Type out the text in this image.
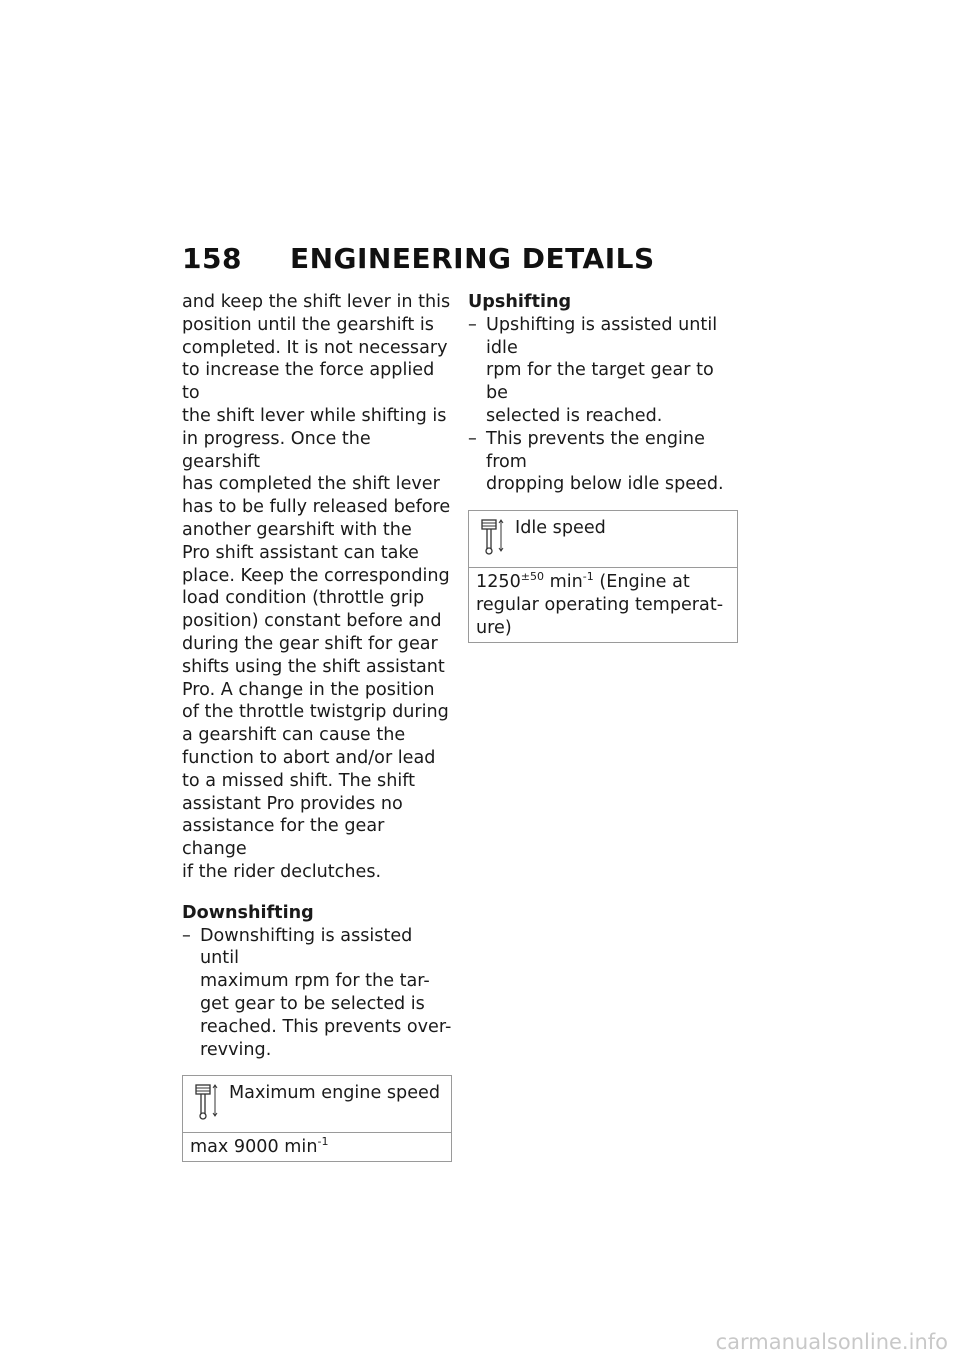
158 ENGINEERING DETAILS

and keep the shift lever in this
position until the gearshift is
completed. It is not necessary
to increase the force applied to
the shift lever while shifting is
in progress. Once the gearshift
has completed the shift lever
has to be fully released before
another gearshift with the
Pro shift assistant can take
place. Keep the corresponding
load condition (throttle grip
position) constant before and
during the gear shift for gear
shifts using the shift assistant
Pro. A change in the position
of the throttle twistgrip during
a gearshift can cause the
function to abort and/or lead
to a missed shift. The shift
assistant Pro provides no
assistance for the gear change
if the rider declutches.

Downshifting

– Downshifting is assisted until
maximum rpm for the tar-
get gear to be selected is
reached. This prevents over-
revving.

Maximum engine speed
max 9000 $\min^{-1}$

Upshifting

– Upshifting is assisted until idle
rpm for the target gear to be
selected is reached.

– This prevents the engine from
dropping below idle speed.

Idle speed
$1250^{\pm 50}$ $\min^{-1}$ (Engine at
regular operating temperat-
ure)
carmanualsonline.info
